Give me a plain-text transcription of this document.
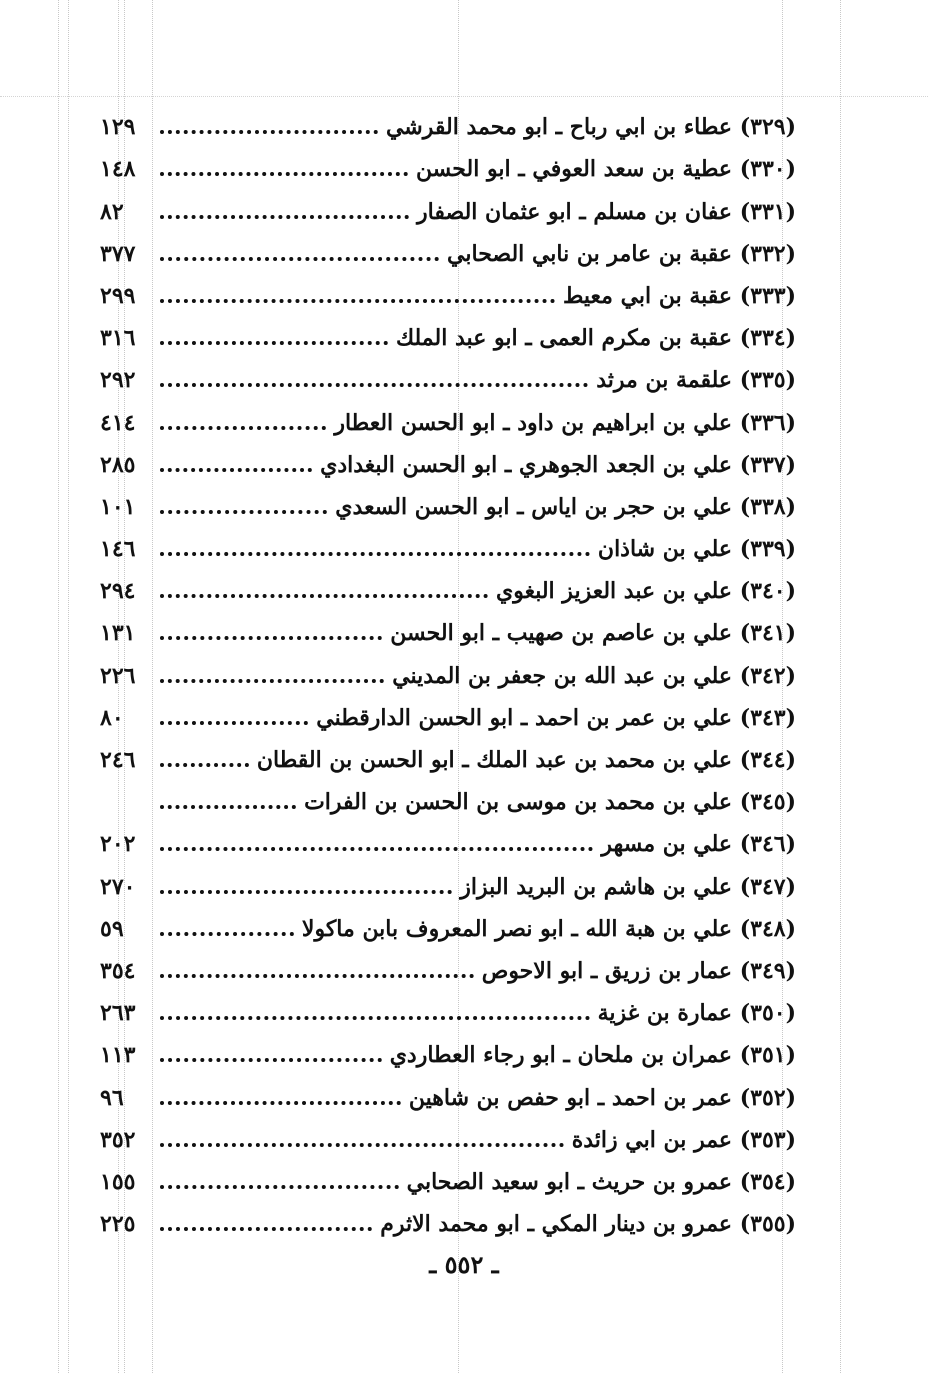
(٣٢٩) عطاء بن ابي رباح ـ ابو محمد القرشي
١٢٩
(٣٣٠) عطية بن سعد العوفي ـ ابو الحسن
١٤٨
(٣٣١) عفان بن مسلم ـ ابو عثمان الصفار
٨٢
(٣٣٢) عقبة بن عامر بن نابي الصحابي
٣٧٧
(٣٣٣) عقبة بن ابي معيط
٢٩٩
(٣٣٤) عقبة بن مكرم العمى ـ ابو عبد الملك
٣١٦
(٣٣٥) علقمة بن مرثد
٢٩٢
(٣٣٦) علي بن ابراهيم بن داود ـ ابو الحسن العطار
٤١٤
(٣٣٧) علي بن الجعد الجوهري ـ ابو الحسن البغدادي
٢٨٥
(٣٣٨) علي بن حجر بن اياس ـ ابو الحسن السعدي
١٠١
(٣٣٩) علي بن شاذان
١٤٦
(٣٤٠) علي بن عبد العزيز البغوي
٢٩٤
(٣٤١) علي بن عاصم بن صهيب ـ ابو الحسن
١٣١
(٣٤٢) علي بن عبد الله بن جعفر بن المديني
٢٢٦
(٣٤٣) علي بن عمر بن احمد ـ ابو الحسن الدارقطني
٨٠
(٣٤٤) علي بن محمد بن عبد الملك ـ ابو الحسن بن القطان
٢٤٦
(٣٤٥) علي بن محمد بن موسى بن الحسن بن الفرات
(٣٤٦) علي بن مسهر
٢٠٢
(٣٤٧) علي بن هاشم بن البريد البزاز
٢٧٠
(٣٤٨) علي بن هبة الله ـ ابو نصر المعروف بابن ماكولا
٥٩
(٣٤٩) عمار بن زريق ـ ابو الاحوص
٣٥٤
(٣٥٠) عمارة بن غزية
٢٦٣
(٣٥١) عمران بن ملحان ـ ابو رجاء العطاردي
١١٣
(٣٥٢) عمر بن احمد ـ ابو حفص بن شاهين
٩٦
(٣٥٣) عمر بن ابي زائدة
٣٥٢
(٣٥٤) عمرو بن حريث ـ ابو سعيد الصحابي
١٥٥
(٣٥٥) عمرو بن دينار المكي ـ ابو محمد الاثرم
٢٢٥
ـ ٥٥٢ ـ
